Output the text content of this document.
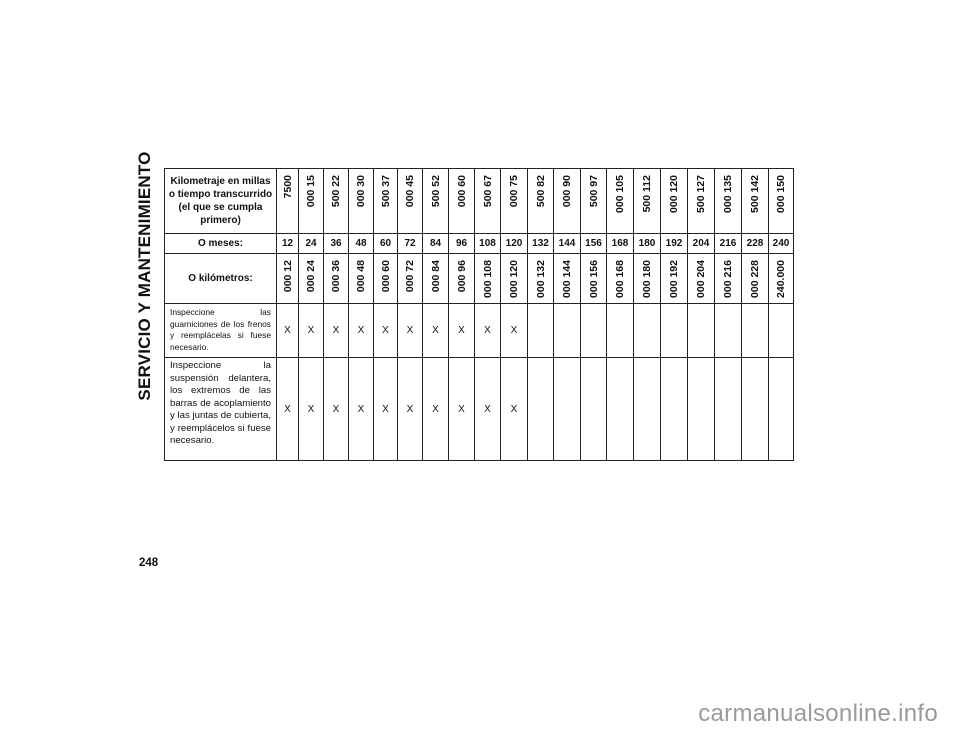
SERVICIO Y MANTENIMIENTO
248
Kilometraje en millas o tiempo transcurrido (el que se cumpla primero)	7500	15 000	22 500	30 000	37 500	45 000	52 500	60 000	67 500	75 000	82 500	90 000	97 500	105 000	112 500	120 000	127 500	135 000	142 500	150 000

O meses:	12	24	36	48	60	72	84	96	108	120	132	144	156	168	180	192	204	216	228	240
O kilómetros:	12 000	24 000	36 000	48 000	60 000	72 000	84 000	96 000	108 000	120 000	132 000	144 000	156 000	168 000	180 000	192 000	204 000	216 000	228 000	240.000

Inspeccione las guarniciones de los frenos y reemplácelas si fuese necesario.	X	X	X	X	X	X	X	X	X	X										
Inspeccione la suspensión delantera, los extremos de las barras de acoplamiento y las juntas de cubierta, y reemplácelos si fuese necesario.	X	X	X	X	X	X	X	X	X	X										
carmanualsonline.info
